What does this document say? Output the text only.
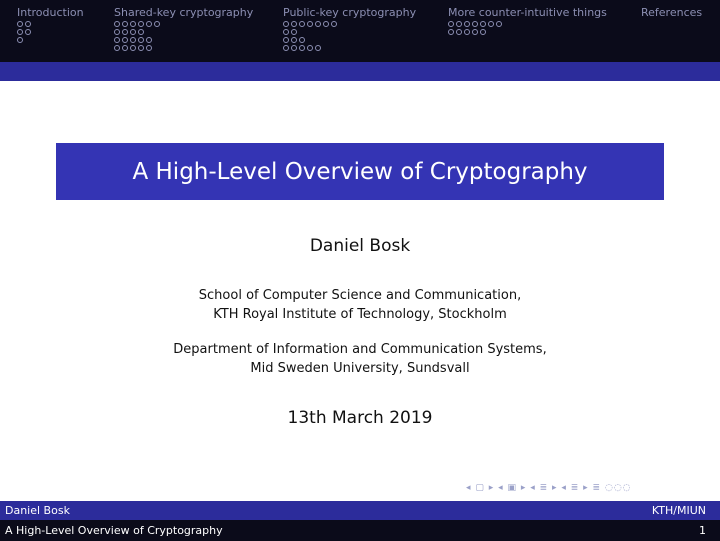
Introduction	Shared-key cryptography	Public-key cryptography	More counter-intuitive things	References
A High-Level Overview of Cryptography
Daniel Bosk
School of Computer Science and Communication,
KTH Royal Institute of Technology, Stockholm
Department of Information and Communication Systems,
Mid Sweden University, Sundsvall
13th March 2019
◂ ▢ ▸ ◂ ▣ ▸ ◂ ≣ ▸ ◂ ≣ ▸ ≣ ◌◌◌
Daniel Bosk	KTH/MIUN
A High-Level Overview of Cryptography	1
